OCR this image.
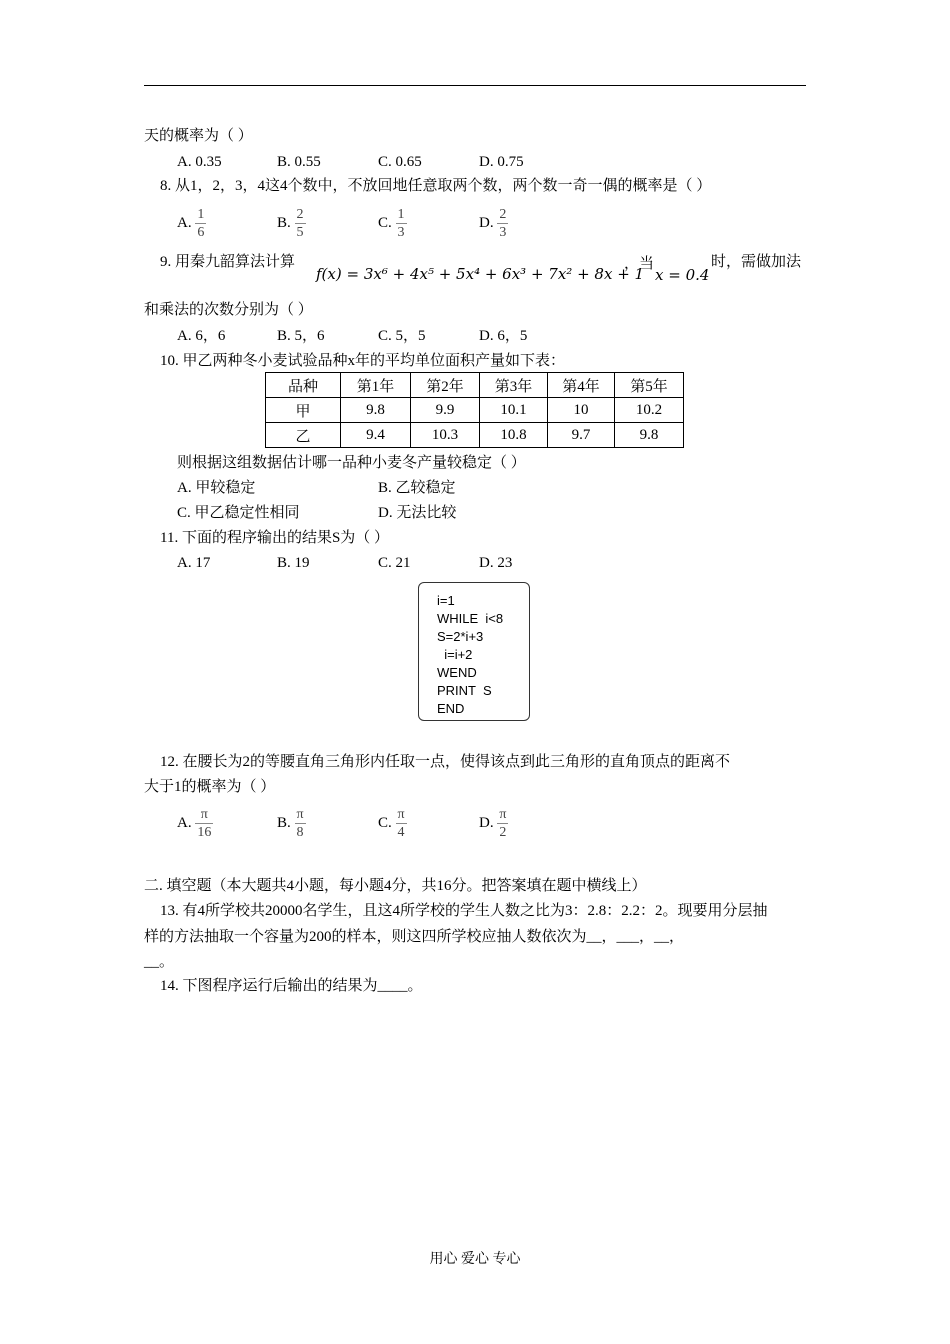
天的概率为（ ）
A. 0.35	B. 0.55	C. 0.65	D. 0.75
8. 从1，2，3，4这4个数中，不放回地任意取两个数，两个数一奇一偶的概率是（ ）
A. $\frac{1}{6}$	B. $\frac{2}{5}$	C. $\frac{1}{3}$	D. $\frac{2}{3}$
9. 用秦九韶算法计算
f(x) = 3x⁶ + 4x⁵ + 5x⁴ + 6x³ + 7x² + 8x + 1
，当
x = 0.4
时，需做加法
和乘法的次数分别为（ ）
A. 6，6	B. 5，6	C. 5，5	D. 6，5
10. 甲乙两种冬小麦试验品种x年的平均单位面积产量如下表：
品种	第1年	第2年	第3年	第4年	第5年
甲	9.8	9.9	10.1	10	10.2
乙	9.4	10.3	10.8	9.7	9.8
则根据这组数据估计哪一品种小麦冬产量较稳定（ ）
A. 甲较稳定	B. 乙较稳定
C. 甲乙稳定性相同	D. 无法比较
11. 下面的程序输出的结果S为（ ）
A. 17	B. 19	C. 21	D. 23
i=1
WHILE  i<8
S=2*i+3
i=i+2
WEND
PRINT  S
END
12. 在腰长为2的等腰直角三角形内任取一点，使得该点到此三角形的直角顶点的距离不
大于1的概率为（ ）
A. $\frac{\pi}{16}$	B. $\frac{\pi}{8}$	C. $\frac{\pi}{4}$	D. $\frac{\pi}{2}$
二. 填空题（本大题共4小题，每小题4分，共16分。把答案填在题中横线上）
13. 有4所学校共20000名学生，且这4所学校的学生人数之比为3：2.8：2.2：2。现要用分层抽
样的方法抽取一个容量为200的样本，则这四所学校应抽人数依次为__，___，__，
__。
14. 下图程序运行后输出的结果为____。
用心 爱心 专心
